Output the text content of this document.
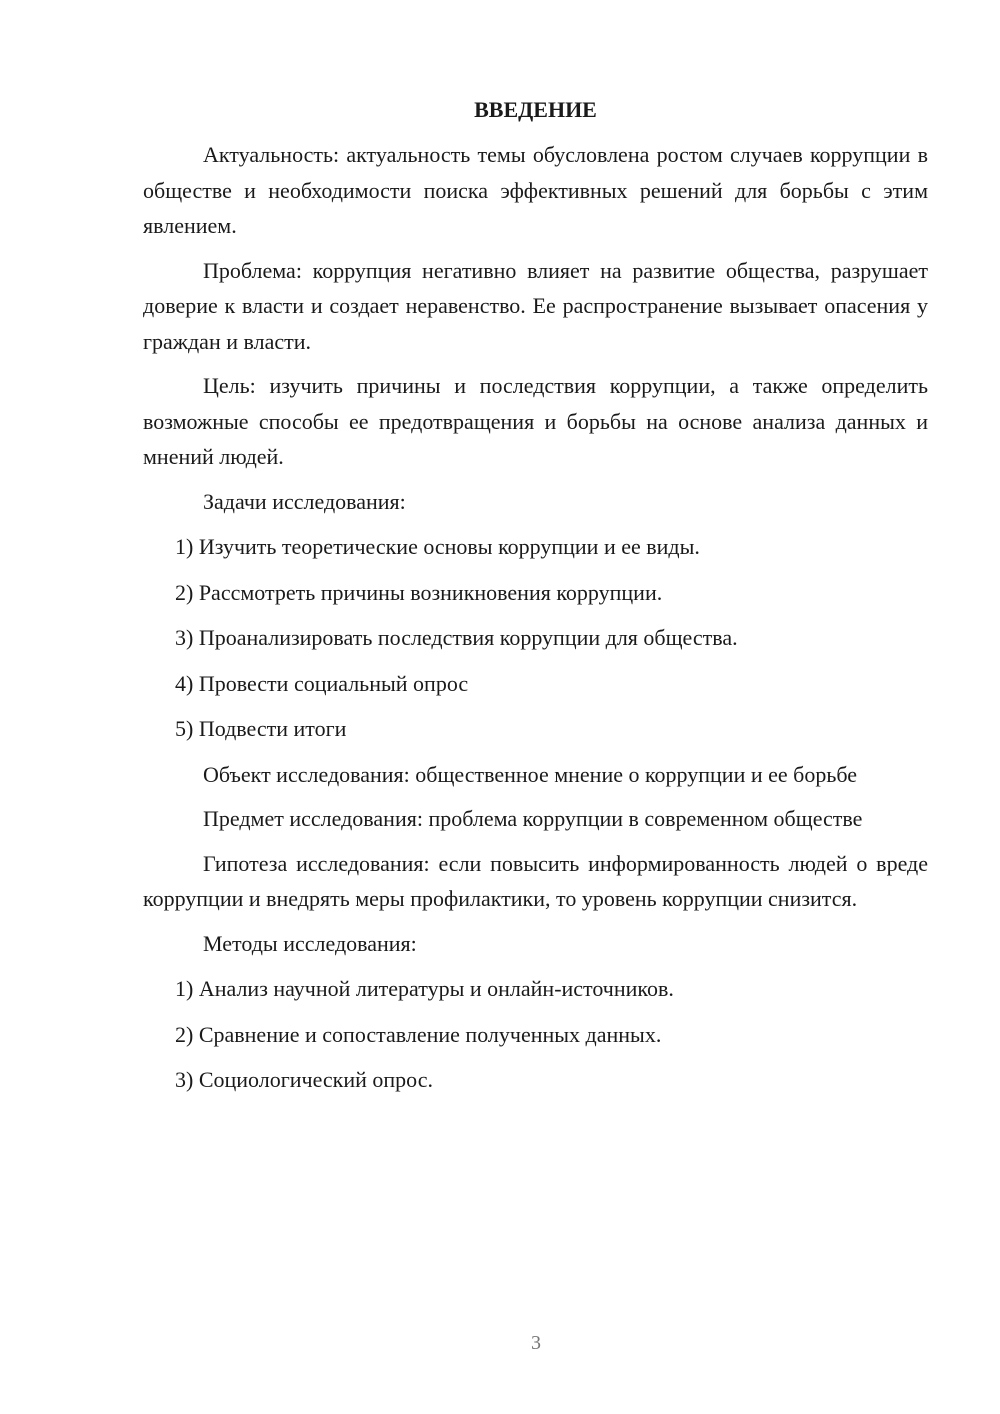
ВВЕДЕНИЕ

Актуальность: актуальность темы обусловлена ростом случаев коррупции в обществе и необходимости поиска эффективных решений для борьбы с этим явлением.

Проблема: коррупция негативно влияет на развитие общества, разрушает доверие к власти и создает неравенство. Ее распространение вызывает опасения у граждан и власти.

Цель: изучить причины и последствия коррупции, а также определить возможные способы ее предотвращения и борьбы на основе анализа данных и мнений людей.

Задачи исследования:

1) Изучить теоретические основы коррупции и ее виды.

2) Рассмотреть причины возникновения коррупции.

3) Проанализировать последствия коррупции для общества.

4) Провести социальный опрос

5) Подвести итоги

Объект исследования: общественное мнение о коррупции и ее борьбе

Предмет исследования: проблема коррупции в современном обществе

Гипотеза исследования: если повысить информированность людей о вреде коррупции и внедрять меры профилактики, то уровень коррупции снизится.

Методы исследования:

1) Анализ научной литературы и онлайн-источников.

2) Сравнение и сопоставление полученных данных.

3) Социологический опрос.

3
